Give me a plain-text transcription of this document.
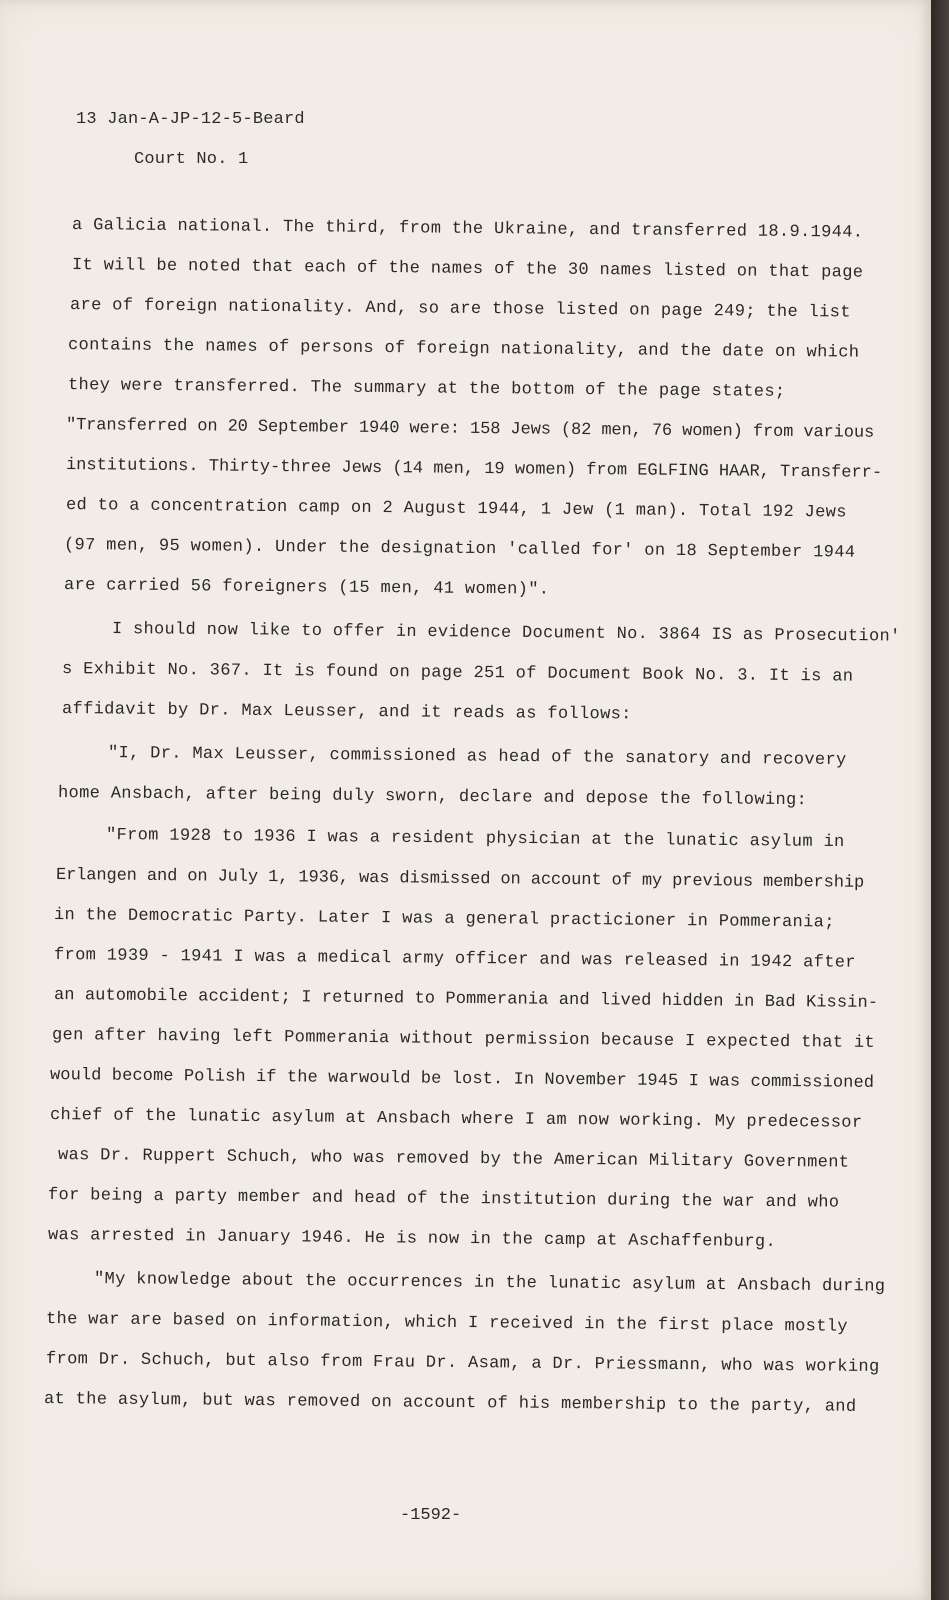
13 Jan-A-JP-12-5-Beard
Court No. 1
a Galicia national. The third, from the Ukraine, and transferred 18.9.1944.
It will be noted that each of the names of the 30 names listed on that page
are of foreign nationality. And, so are those listed on page 249; the list
contains the names of persons of foreign nationality, and the date on which
they were transferred. The summary at the bottom of the page states;
"Transferred on 20 September 1940 were: 158 Jews (82 men, 76 women) from various
institutions. Thirty-three Jews (14 men, 19 women) from EGLFING HAAR, Transferr-
ed to a concentration camp on 2 August 1944, 1 Jew (1 man). Total 192 Jews
(97 men, 95 women). Under the designation 'called for' on 18 September 1944
are carried 56 foreigners (15 men, 41 women)".
I should now like to offer in evidence Document No. 3864 IS as Prosecution'
s Exhibit No. 367. It is found on page 251 of Document Book No. 3. It is an
affidavit by Dr. Max Leusser, and it reads as follows:
"I, Dr. Max Leusser, commissioned as head of the sanatory and recovery
home Ansbach, after being duly sworn, declare and depose the following:
"From 1928 to 1936 I was a resident physician at the lunatic asylum in
Erlangen and on July 1, 1936, was dismissed on account of my previous membership
in the Democratic Party. Later I was a general practicioner in Pommerania;
from 1939 - 1941 I was a medical army officer and was released in 1942 after
an automobile accident; I returned to Pommerania and lived hidden in Bad Kissin-
gen after having left Pommerania without permission because I expected that it
would become Polish if the warwould be lost. In November 1945 I was commissioned
chief of the lunatic asylum at Ansbach where I am now working. My predecessor
was Dr. Ruppert Schuch, who was removed by the American Military Government
for being a party member and head of the institution during the war and who
was arrested in January 1946. He is now in the camp at Aschaffenburg.
"My knowledge about the occurrences in the lunatic asylum at Ansbach during
the war are based on information, which I received in the first place mostly
from Dr. Schuch, but also from Frau Dr. Asam, a Dr. Priessmann, who was working
at the asylum, but was removed on account of his membership to the party, and
-1592-
